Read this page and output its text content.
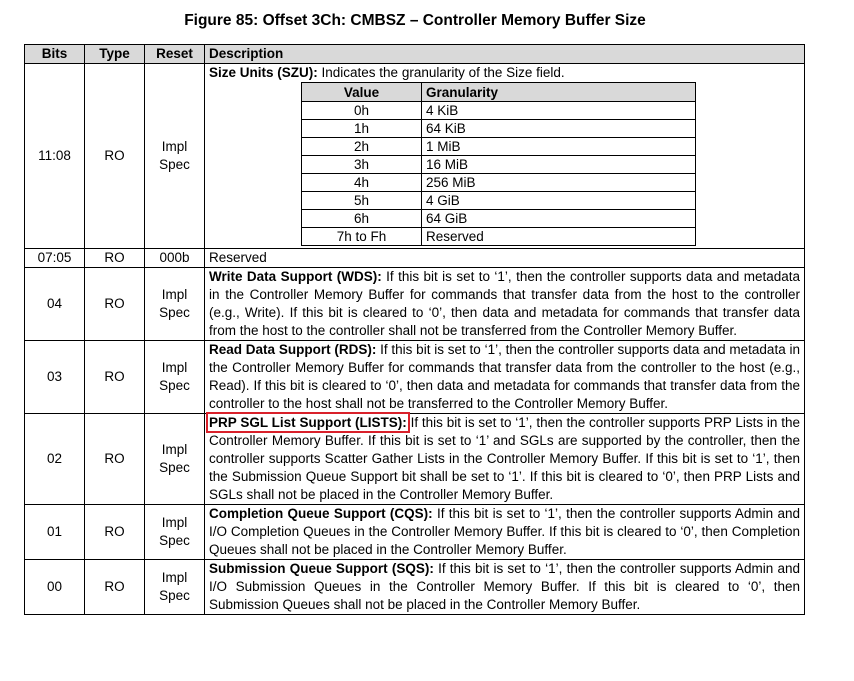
Figure 85: Offset 3Ch: CMBSZ – Controller Memory Buffer Size
Bits	Type	Reset	Description
11:08	RO	Impl Spec	Size Units (SZU): Indicates the granularity of the Size field.
Value	Granularity
0h	4 KiB
1h	64 KiB
2h	1 MiB
3h	16 MiB
4h	256 MiB
5h	4 GiB
6h	64 GiB
7h to Fh	Reserved

07:05	RO	000b	Reserved
04	RO	Impl Spec	Write Data Support (WDS): If this bit is set to ‘1’, then the controller supports data and metadata in the Controller Memory Buffer for commands that transfer data from the host to the controller (e.g., Write). If this bit is cleared to ‘0’, then data and metadata for commands that transfer data from the host to the controller shall not be transferred from the Controller Memory Buffer.
03	RO	Impl Spec	Read Data Support (RDS): If this bit is set to ‘1’, then the controller supports data and metadata in the Controller Memory Buffer for commands that transfer data from the controller to the host (e.g., Read). If this bit is cleared to ‘0’, then data and metadata for commands that transfer data from the controller to the host shall not be transferred to the Controller Memory Buffer.
02	RO	Impl Spec	PRP SGL List Support (LISTS): If this bit is set to ‘1’, then the controller supports PRP Lists in the Controller Memory Buffer. If this bit is set to ‘1’ and SGLs are supported by the controller, then the controller supports Scatter Gather Lists in the Controller Memory Buffer. If this bit is set to ‘1’, then the Submission Queue Support bit shall be set to ‘1’. If this bit is cleared to ‘0’, then PRP Lists and SGLs shall not be placed in the Controller Memory Buffer.
01	RO	Impl Spec	Completion Queue Support (CQS): If this bit is set to ‘1’, then the controller supports Admin and I/O Completion Queues in the Controller Memory Buffer. If this bit is cleared to ‘0’, then Completion Queues shall not be placed in the Controller Memory Buffer.
00	RO	Impl Spec	Submission Queue Support (SQS): If this bit is set to ‘1’, then the controller supports Admin and I/O Submission Queues in the Controller Memory Buffer. If this bit is cleared to ‘0’, then Submission Queues shall not be placed in the Controller Memory Buffer.
